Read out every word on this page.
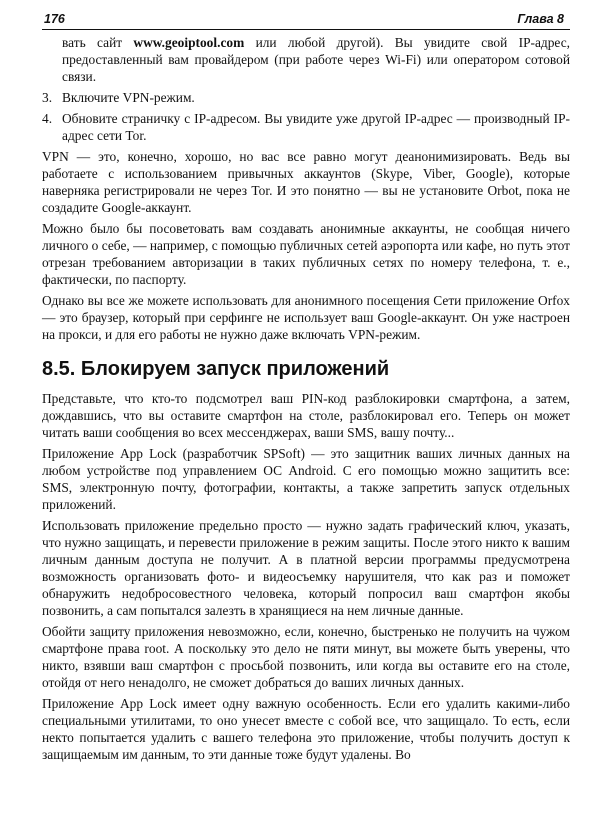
176	Глава 8

вать сайт www.geoiptool.com или любой другой). Вы увидите свой IP-адрес, предоставленный вам провайдером (при работе через Wi-Fi) или оператором сотовой связи.

3. Включите VPN-режим.
4. Обновите страничку с IP-адресом. Вы увидите уже другой IP-адрес — производный IP-адрес сети Tor.

VPN — это, конечно, хорошо, но вас все равно могут деанонимизировать. Ведь вы работаете с использованием привычных аккаунтов (Skype, Viber, Google), которые наверняка регистрировали не через Tor. И это понятно — вы не установите Orbot, пока не создадите Google-аккаунт.

Можно было бы посоветовать вам создавать анонимные аккаунты, не сообщая ничего личного о себе, — например, с помощью публичных сетей аэропорта или кафе, но путь этот отрезан требованием авторизации в таких публичных сетях по номеру телефона, т. е., фактически, по паспорту.

Однако вы все же можете использовать для анонимного посещения Сети приложение Orfox — это браузер, который при серфинге не использует ваш Google-аккаунт. Он уже настроен на прокси, и для его работы не нужно даже включать VPN-режим.

8.5. Блокируем запуск приложений

Представьте, что кто-то подсмотрел ваш PIN-код разблокировки смартфона, а затем, дождавшись, что вы оставите смартфон на столе, разблокировал его. Теперь он может читать ваши сообщения во всех мессенджерах, ваши SMS, вашу почту...

Приложение App Lock (разработчик SPSoft) — это защитник ваших личных данных на любом устройстве под управлением ОС Android. С его помощью можно защитить все: SMS, электронную почту, фотографии, контакты, а также запретить запуск отдельных приложений.

Использовать приложение предельно просто — нужно задать графический ключ, указать, что нужно защищать, и перевести приложение в режим защиты. После этого никто к вашим личным данным доступа не получит. А в платной версии программы предусмотрена возможность организовать фото- и видеосъемку нарушителя, что как раз и поможет обнаружить недобросовестного человека, который попросил ваш смартфон якобы позвонить, а сам попытался залезть в хранящиеся на нем личные данные.

Обойти защиту приложения невозможно, если, конечно, быстренько не получить на чужом смартфоне права root. А поскольку это дело не пяти минут, вы можете быть уверены, что никто, взявши ваш смартфон с просьбой позвонить, или когда вы оставите его на столе, отойдя от него ненадолго, не сможет добраться до ваших личных данных.

Приложение App Lock имеет одну важную особенность. Если его удалить какими-либо специальными утилитами, то оно унесет вместе с собой все, что защищало. То есть, если некто попытается удалить с вашего телефона это приложение, чтобы получить доступ к защищаемым им данным, то эти данные тоже будут удалены. Во
